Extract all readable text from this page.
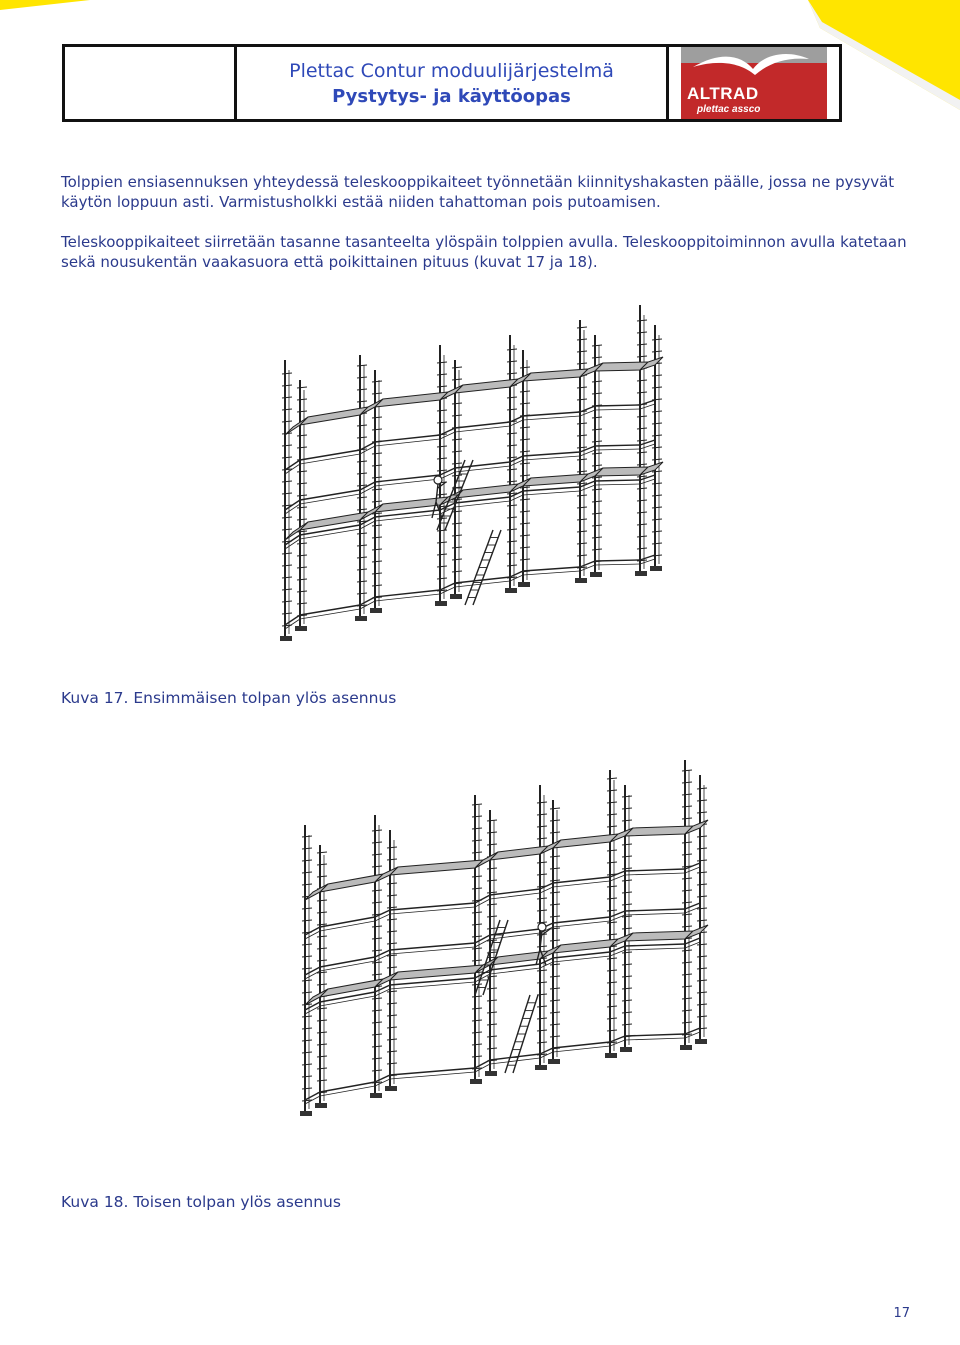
Plettac Contur moduulijärjestelmä
Pystytys- ja käyttöopas	ALTRAD
plettac assco

Tolppien ensiasennuksen yhteydessä teleskooppikaiteet työnnetään kiinnityshakasten päälle, jossa ne pysyvät käytön loppuun asti. Varmistusholkki estää niiden tahattoman pois putoamisen.

Teleskooppikaiteet siirretään tasanne tasanteelta ylöspäin tolppien avulla. Teleskooppitoiminnon avulla katetaan sekä nousukentän vaakasuora että poikittainen pituus (kuvat 17 ja 18).

Kuva 17. Ensimmäisen tolpan ylös asennus
Kuva 18. Toisen tolpan ylös asennus
17
